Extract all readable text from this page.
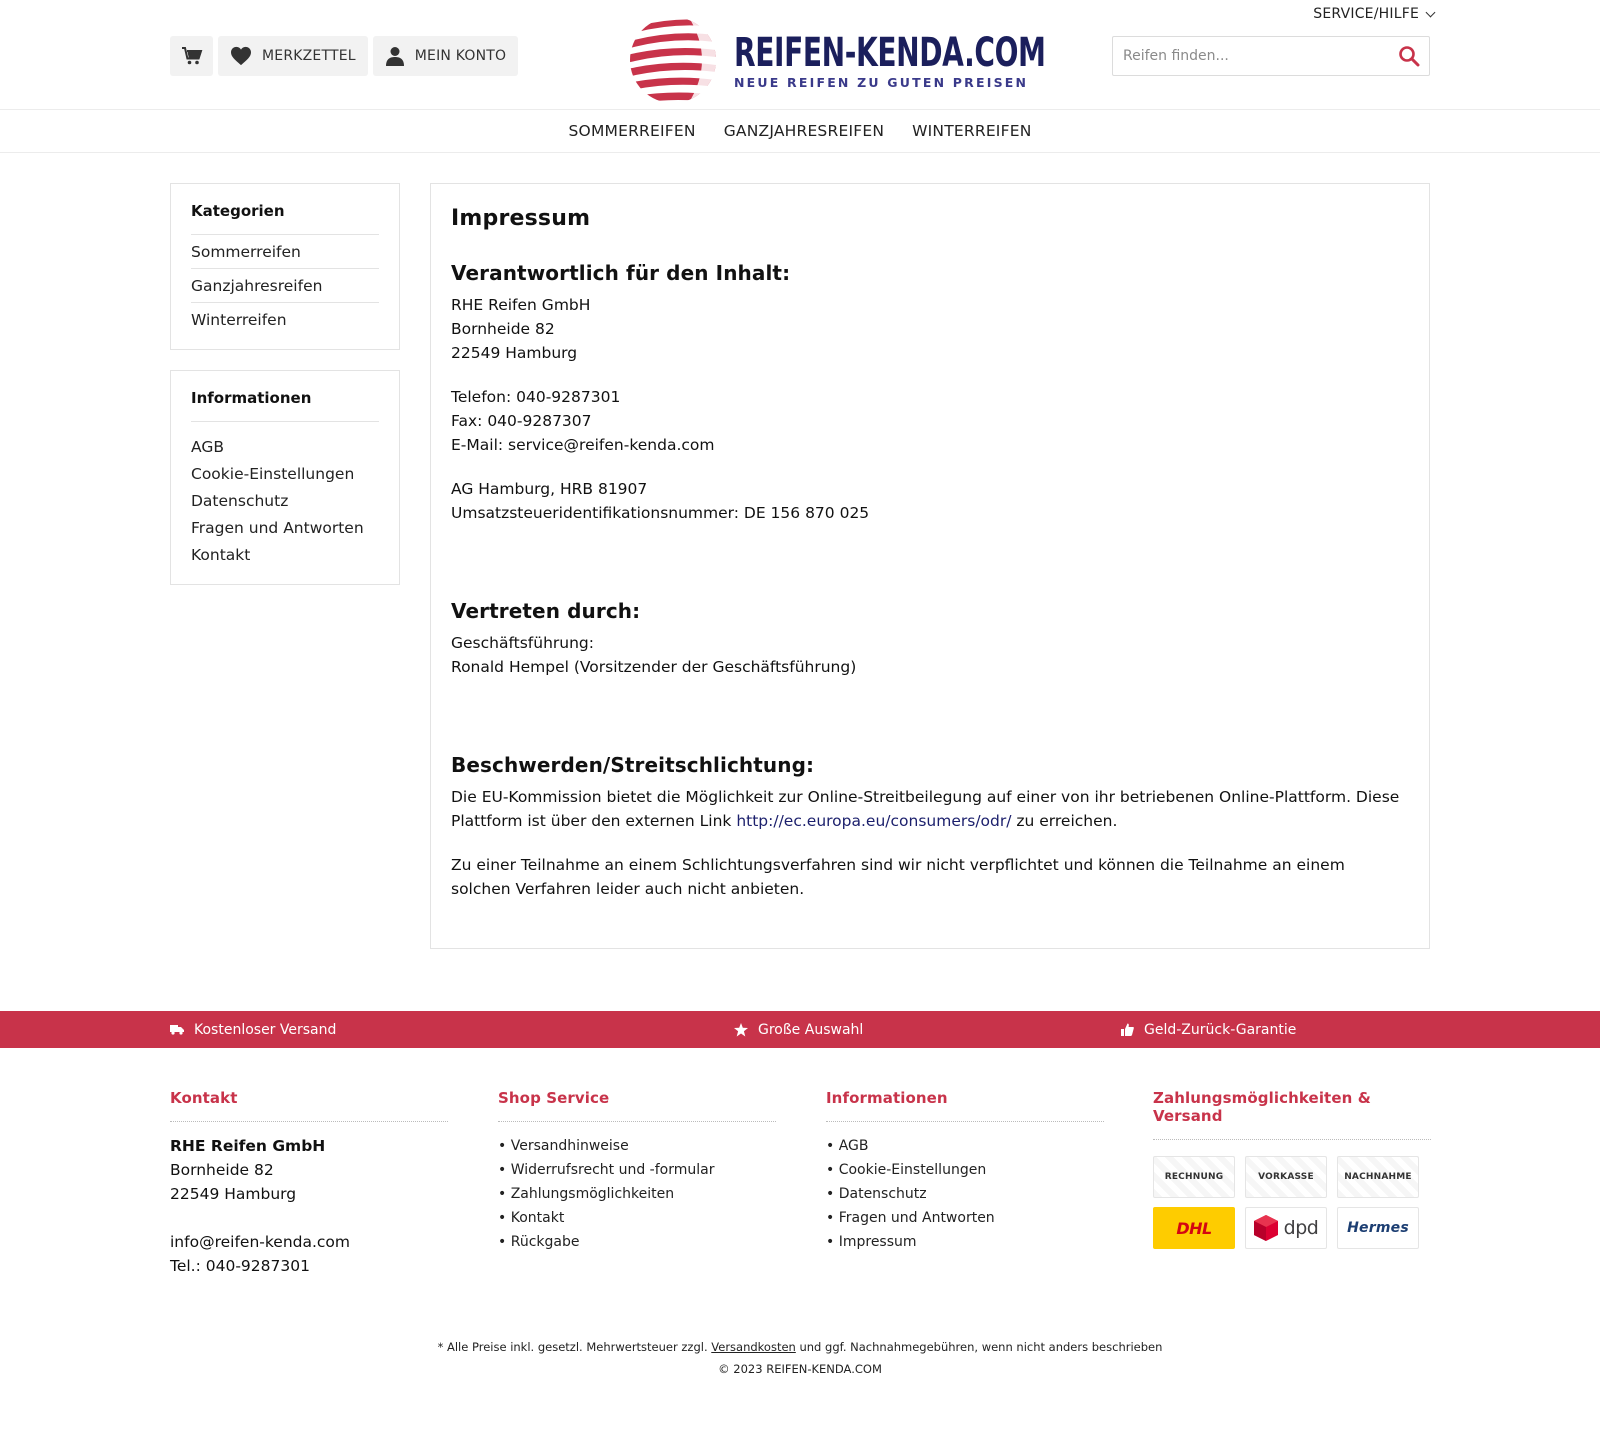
SERVICE/HILFE
MERKZETTEL	MEIN KONTO	REIFEN-KENDA.COM
NEUE REIFEN ZU GUTEN PREISEN
Reifen finden...
SOMMERREIFEN GANZJAHRESREIFEN WINTERREIFEN
Kategorien
Sommerreifen
Ganzjahresreifen
Winterreifen
Informationen
AGB
Cookie-Einstellungen
Datenschutz
Fragen und Antworten
Kontakt
Impressum
Verantwortlich für den Inhalt:

RHE Reifen GmbH

Bornheide 82

22549 Hamburg

Telefon: 040-9287301

Fax: 040-9287307

E-Mail: service@reifen-kenda.com

AG Hamburg, HRB 81907

Umsatzsteueridentifikationsnummer: DE 156 870 025

Vertreten durch:

Geschäftsführung:

Ronald Hempel (Vorsitzender der Geschäftsführung)

Beschwerden/Streitschlichtung:

Die EU-Kommission bietet die Möglichkeit zur Online-Streitbeilegung auf einer von ihr betriebenen Online-Plattform. Diese Plattform ist über den externen Link http://ec.europa.eu/consumers/odr/ zu erreichen.

Zu einer Teilnahme an einem Schlichtungsverfahren sind wir nicht verpflichtet und können die Teilnahme an einem solchen Verfahren leider auch nicht anbieten.

Kostenloser Versand	Große Auswahl	Geld-Zurück-Garantie
Kontakt
RHE Reifen GmbH
Bornheide 82
22549 Hamburg
info@reifen-kenda.com
Tel.: 040-9287301
Shop Service
• Versandhinweise
• Widerrufsrecht und -formular
• Zahlungsmöglichkeiten
• Kontakt
• Rückgabe
Informationen
• AGB
• Cookie-Einstellungen
• Datenschutz
• Fragen und Antworten
• Impressum
Zahlungsmöglichkeiten & Versand
RECHNUNG	VORKASSE	NACHNAHME
DHL	dpd Hermes
* Alle Preise inkl. gesetzl. Mehrwertsteuer zzgl. Versandkosten und ggf. Nachnahmegebühren, wenn nicht anders beschrieben
© 2023 REIFEN-KENDA.COM
